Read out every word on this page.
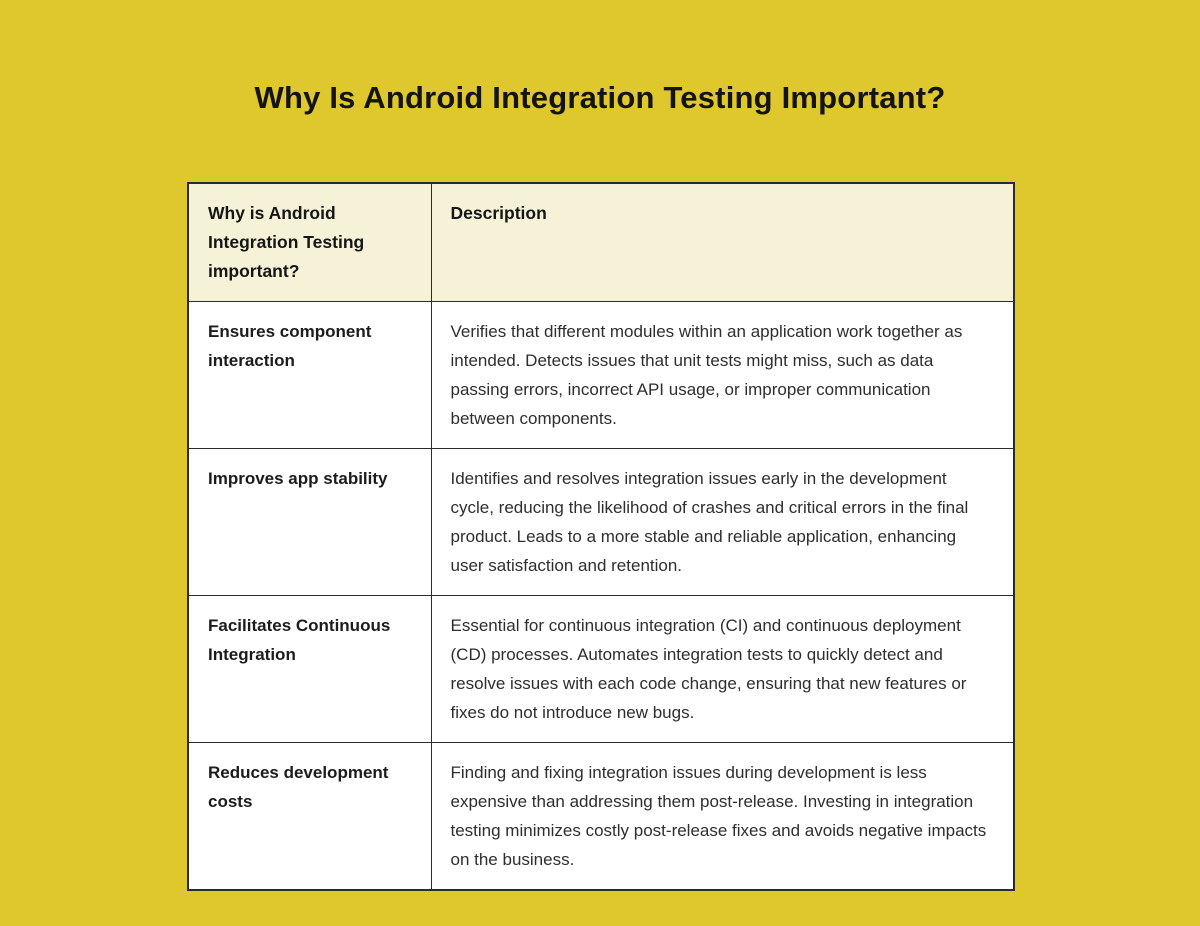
Why Is Android Integration Testing Important?
Why is Android Integration Testing important?	Description
Ensures component interaction	Verifies that different modules within an application work together as intended. Detects issues that unit tests might miss, such as data passing errors, incorrect API usage, or improper communication between components.
Improves app stability	Identifies and resolves integration issues early in the development cycle, reducing the likelihood of crashes and critical errors in the final product. Leads to a more stable and reliable application, enhancing user satisfaction and retention.
Facilitates Continuous Integration	Essential for continuous integration (CI) and continuous deployment (CD) processes. Automates integration tests to quickly detect and resolve issues with each code change, ensuring that new features or fixes do not introduce new bugs.
Reduces development costs	Finding and fixing integration issues during development is less expensive than addressing them post-release. Investing in integration testing minimizes costly post-release fixes and avoids negative impacts on the business.
